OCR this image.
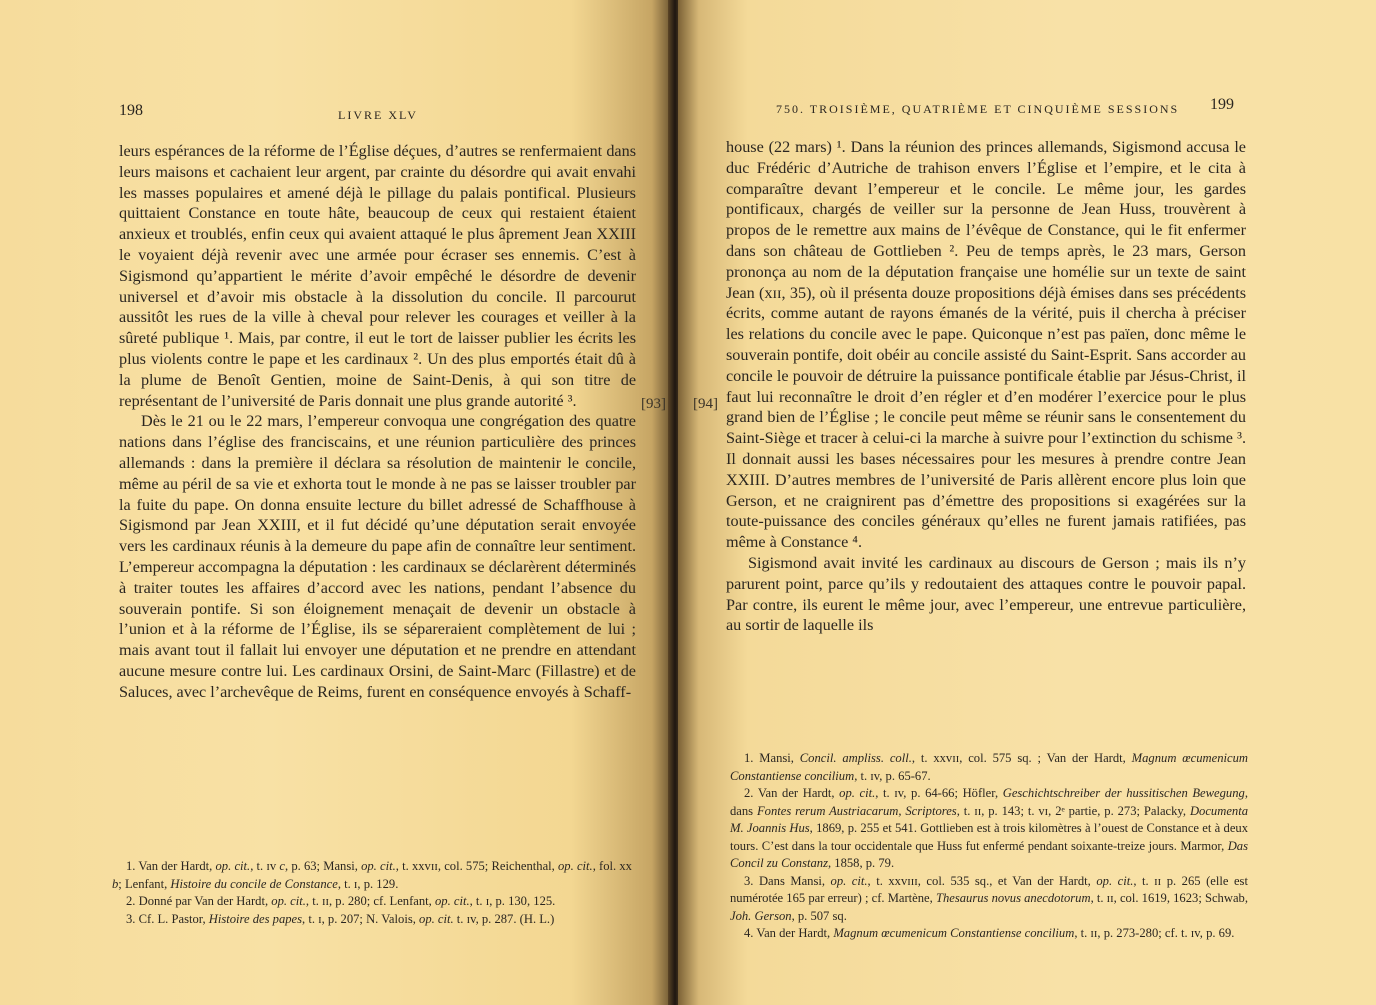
198	LIVRE XLV

leurs espérances de la réforme de l’Église déçues, d’autres se renfermaient dans leurs maisons et cachaient leur argent, par crainte du désordre qui avait envahi les masses populaires et amené déjà le pillage du palais pontifical. Plusieurs quittaient Constance en toute hâte, beaucoup de ceux qui restaient étaient anxieux et troublés, enfin ceux qui avaient attaqué le plus âprement Jean XXIII le voyaient déjà revenir avec une armée pour écraser ses ennemis. C’est à Sigismond qu’appartient le mérite d’avoir empêché le désordre de devenir universel et d’avoir mis obstacle à la dissolution du concile. Il parcourut aussitôt les rues de la ville à cheval pour relever les courages et veiller à la sûreté publique ¹. Mais, par contre, il eut le tort de laisser publier les écrits les plus violents contre le pape et les cardinaux ². Un des plus emportés était dû à la plume de Benoît Gentien, moine de Saint-Denis, à qui son titre de représentant de l’université de Paris donnait une plus grande autorité ³.

Dès le 21 ou le 22 mars, l’empereur convoqua une congrégation des quatre nations dans l’église des franciscains, et une réunion particulière des princes allemands : dans la première il déclara sa résolution de maintenir le concile, même au péril de sa vie et exhorta tout le monde à ne pas se laisser troubler par la fuite du pape. On donna ensuite lecture du billet adressé de Schaffhouse à Sigismond par Jean XXIII, et il fut décidé qu’une députation serait envoyée vers les cardinaux réunis à la demeure du pape afin de connaître leur sentiment. L’empereur accompagna la députation : les cardinaux se déclarèrent déterminés à traiter toutes les affaires d’accord avec les nations, pendant l’absence du souverain pontife. Si son éloignement menaçait de devenir un obstacle à l’union et à la réforme de l’Église, ils se sépareraient complètement de lui ; mais avant tout il fallait lui envoyer une députation et ne prendre en attendant aucune mesure contre lui. Les cardinaux Orsini, de Saint-Marc (Fillastre) et de Saluces, avec l’archevêque de Reims, furent en conséquence envoyés à Schaff-

[93]

1. Van der Hardt, op. cit., t. ɪv c, p. 63; Mansi, op. cit., t. xxvɪɪ, col. 575; Reichenthal, op. cit., fol. xx b; Lenfant, Histoire du concile de Constance, t. ɪ, p. 129.

2. Donné par Van der Hardt, op. cit., t. ɪɪ, p. 280; cf. Lenfant, op. cit., t. ɪ, p. 130, 125.

3. Cf. L. Pastor, Histoire des papes, t. ɪ, p. 207; N. Valois, op. cit. t. ɪv, p. 287. (H. L.)

750. TROISIÈME, QUATRIÈME ET CINQUIÈME SESSIONS 199
[94]

house (22 mars) ¹. Dans la réunion des princes allemands, Sigismond accusa le duc Frédéric d’Autriche de trahison envers l’Église et l’empire, et le cita à comparaître devant l’empereur et le concile. Le même jour, les gardes pontificaux, chargés de veiller sur la personne de Jean Huss, trouvèrent à propos de le remettre aux mains de l’évêque de Constance, qui le fit enfermer dans son château de Gottlieben ². Peu de temps après, le 23 mars, Gerson prononça au nom de la députation française une homélie sur un texte de saint Jean (xɪɪ, 35), où il présenta douze propositions déjà émises dans ses précédents écrits, comme autant de rayons émanés de la vérité, puis il chercha à préciser les relations du concile avec le pape. Quiconque n’est pas païen, donc même le souverain pontife, doit obéir au concile assisté du Saint-Esprit. Sans accorder au concile le pouvoir de détruire la puissance pontificale établie par Jésus-Christ, il faut lui reconnaître le droit d’en régler et d’en modérer l’exercice pour le plus grand bien de l’Église ; le concile peut même se réunir sans le consentement du Saint-Siège et tracer à celui-ci la marche à suivre pour l’extinction du schisme ³. Il donnait aussi les bases nécessaires pour les mesures à prendre contre Jean XXIII. D’autres membres de l’université de Paris allèrent encore plus loin que Gerson, et ne craignirent pas d’émettre des propositions si exagérées sur la toute-puissance des conciles généraux qu’elles ne furent jamais ratifiées, pas même à Constance ⁴.

Sigismond avait invité les cardinaux au discours de Gerson ; mais ils n’y parurent point, parce qu’ils y redoutaient des attaques contre le pouvoir papal. Par contre, ils eurent le même jour, avec l’empereur, une entrevue particulière, au sortir de laquelle ils

1. Mansi, Concil. ampliss. coll., t. xxvɪɪ, col. 575 sq. ; Van der Hardt, Magnum œcumenicum Constantiense concilium, t. ɪv, p. 65-67.

2. Van der Hardt, op. cit., t. ɪv, p. 64-66; Höfler, Geschichtschreiber der hussitischen Bewegung, dans Fontes rerum Austriacarum, Scriptores, t. ɪɪ, p. 143; t. vɪ, 2ᵉ partie, p. 273; Palacky, Documenta M. Joannis Hus, 1869, p. 255 et 541. Gottlieben est à trois kilomètres à l’ouest de Constance et à deux tours. C’est dans la tour occidentale que Huss fut enfermé pendant soixante-treize jours. Marmor, Das Concil zu Constanz, 1858, p. 79.

3. Dans Mansi, op. cit., t. xxvɪɪɪ, col. 535 sq., et Van der Hardt, op. cit., t. ɪɪ p. 265 (elle est numérotée 165 par erreur) ; cf. Martène, Thesaurus novus anecdotorum, t. ɪɪ, col. 1619, 1623; Schwab, Joh. Gerson, p. 507 sq.

4. Van der Hardt, Magnum œcumenicum Constantiense concilium, t. ɪɪ, p. 273-280; cf. t. ɪv, p. 69.
